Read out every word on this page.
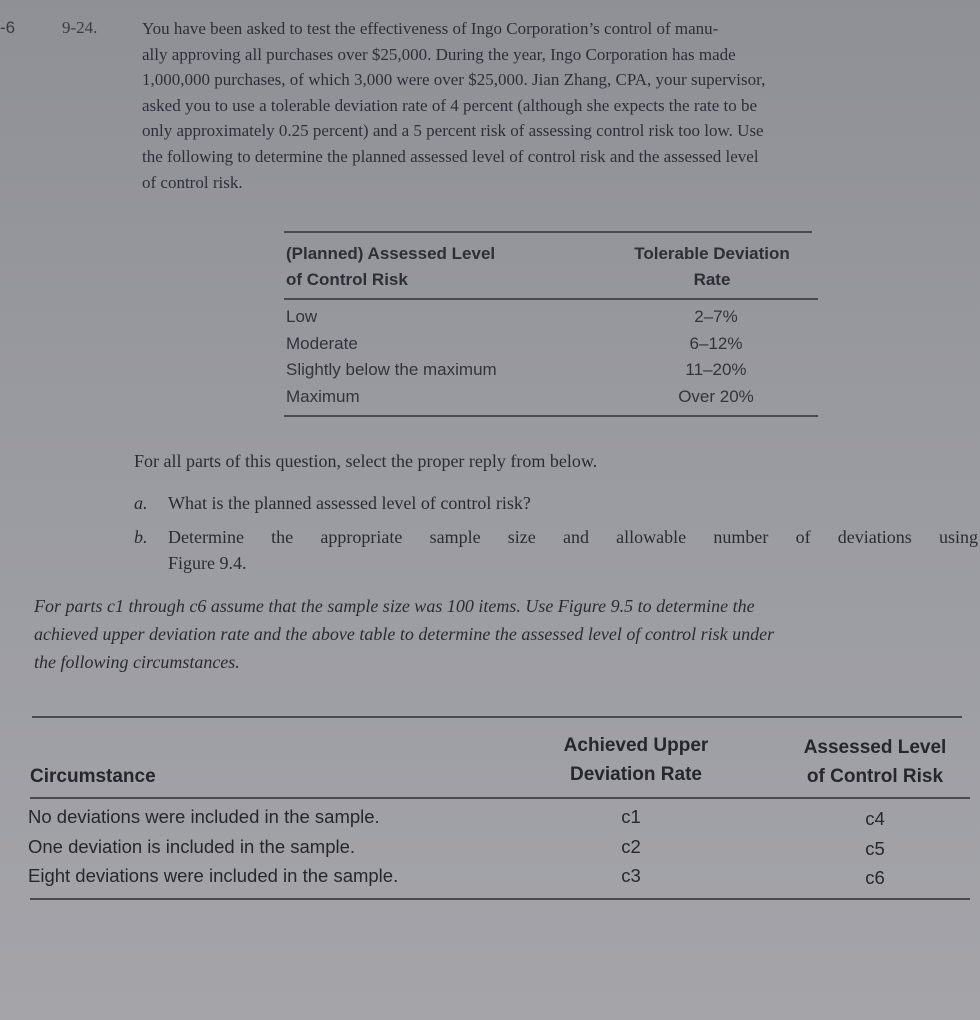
-6	9-24.	You have been asked to test the effectiveness of Ingo Corporation’s control of manu-
ally approving all purchases over $25,000. During the year, Ingo Corporation has made
1,000,000 purchases, of which 3,000 were over $25,000. Jian Zhang, CPA, your supervisor,
asked you to use a tolerable deviation rate of 4 percent (although she expects the rate to be
only approximately 0.25 percent) and a 5 percent risk of assessing control risk too low. Use
the following to determine the planned assessed level of control risk and the assessed level
of control risk.
(Planned) Assessed Level
of Control Risk
Tolerable Deviation
Rate
Low
Moderate
Slightly below the maximum
Maximum
2–7%
6–12%
11–20%
Over 20%
For all parts of this question, select the proper reply from below.
a. What is the planned assessed level of control risk?
b. Determine the appropriate sample size and allowable number of deviations using
Figure 9.4.
For parts c1 through c6 assume that the sample size was 100 items. Use Figure 9.5 to determine the
achieved upper deviation rate and the above table to determine the assessed level of control risk under
the following circumstances.
Circumstance
Achieved Upper
Deviation Rate
Assessed Level
of Control Risk
No deviations were included in the sample.
One deviation is included in the sample.
Eight deviations were included in the sample.
c1
c2
c3
c4
c5
c6
